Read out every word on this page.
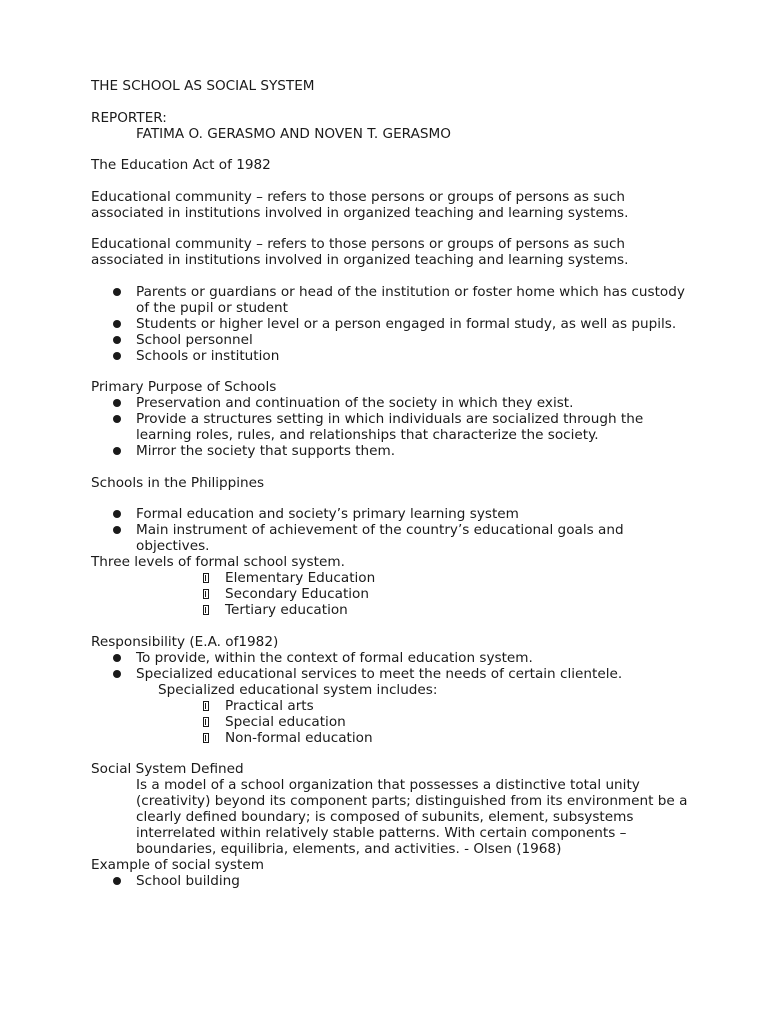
THE SCHOOL AS SOCIAL SYSTEM

REPORTER:

FATIMA O. GERASMO AND NOVEN T. GERASMO

The Education Act of 1982

Educational community – refers to those persons or groups of persons as such associated in institutions involved in organized teaching and learning systems.

Educational community – refers to those persons or groups of persons as such associated in institutions involved in organized teaching and learning systems.

Parents or guardians or head of the institution or foster home which has custody of the pupil or student
Students or higher level or a person engaged in formal study, as well as pupils.
School personnel
Schools or institution

Primary Purpose of Schools

Preservation and continuation of the society in which they exist.
Provide a structures setting in which individuals are socialized through the learning roles, rules, and relationships that characterize the society.
Mirror the society that supports them.

Schools in the Philippines

Formal education and society’s primary learning system
Main instrument of achievement of the country’s educational goals and objectives.

Three levels of formal school system.

Elementary Education
Secondary Education
Tertiary education

Responsibility (E.A. of1982)

To provide, within the context of formal education system.
Specialized educational services to meet the needs of certain clientele.

Specialized educational system includes:

Practical arts
Special education
Non-formal education

Social System Defined

Is a model of a school organization that possesses a distinctive total unity (creativity) beyond its component parts; distinguished from its environment be a clearly defined boundary; is composed of subunits, element, subsystems interrelated within relatively stable patterns. With certain components – boundaries, equilibria, elements, and activities. - Olsen (1968)

Example of social system

School building
